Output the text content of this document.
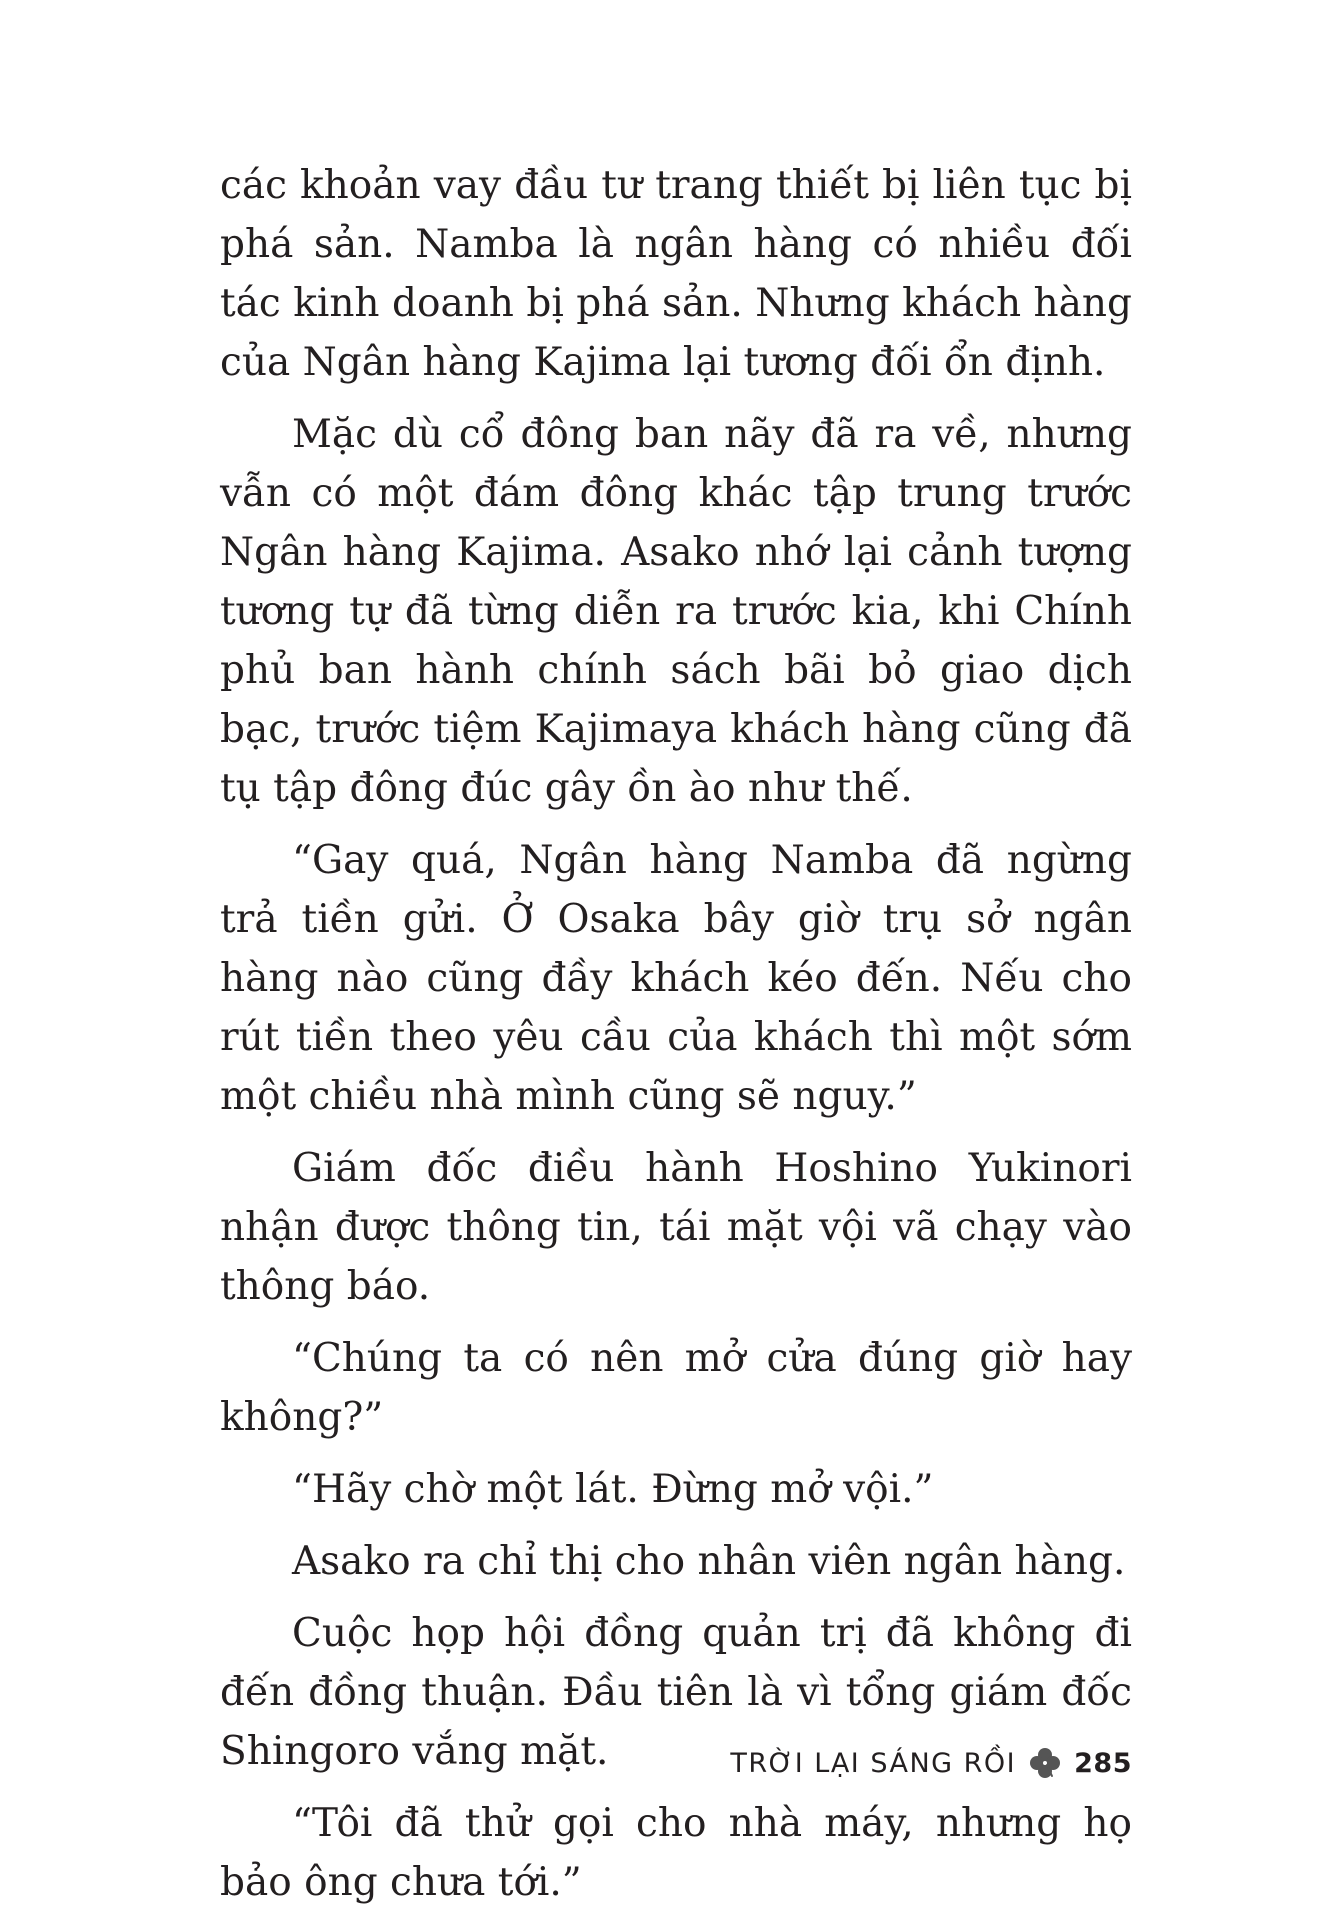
các khoản vay đầu tư trang thiết bị liên tục bị phá sản. Namba là ngân hàng có nhiều đối tác kinh doanh bị phá sản. Nhưng khách hàng của Ngân hàng Kajima lại tương đối ổn định.

Mặc dù cổ đông ban nãy đã ra về, nhưng vẫn có một đám đông khác tập trung trước Ngân hàng Kajima. Asako nhớ lại cảnh tượng tương tự đã từng diễn ra trước kia, khi Chính phủ ban hành chính sách bãi bỏ giao dịch bạc, trước tiệm Kajimaya khách hàng cũng đã tụ tập đông đúc gây ồn ào như thế.

“Gay quá, Ngân hàng Namba đã ngừng trả tiền gửi. Ở Osaka bây giờ trụ sở ngân hàng nào cũng đầy khách kéo đến. Nếu cho rút tiền theo yêu cầu của khách thì một sớm một chiều nhà mình cũng sẽ nguy.”

Giám đốc điều hành Hoshino Yukinori nhận được thông tin, tái mặt vội vã chạy vào thông báo.

“Chúng ta có nên mở cửa đúng giờ hay không?”

“Hãy chờ một lát. Đừng mở vội.”

Asako ra chỉ thị cho nhân viên ngân hàng.

Cuộc họp hội đồng quản trị đã không đi đến đồng thuận. Đầu tiên là vì tổng giám đốc Shingoro vắng mặt.

“Tôi đã thử gọi cho nhà máy, nhưng họ bảo ông chưa tới.”

TRỜI LẠI SÁNG RỒI 285
